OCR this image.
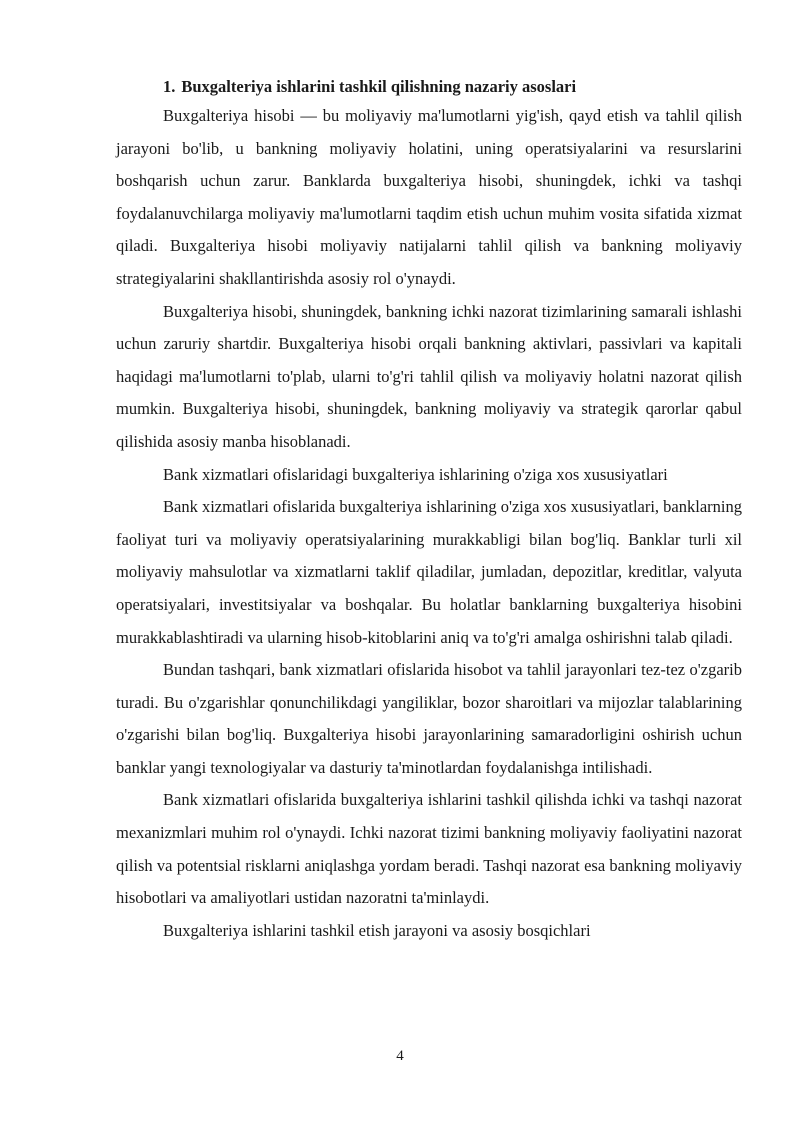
1. Buxgalteriya ishlarini tashkil qilishning nazariy asoslari

Buxgalteriya hisobi — bu moliyaviy ma'lumotlarni yig'ish, qayd etish va tahlil qilish jarayoni bo'lib, u bankning moliyaviy holatini, uning operatsiyalarini va resurslarini boshqarish uchun zarur. Banklarda buxgalteriya hisobi, shuningdek, ichki va tashqi foydalanuvchilarga moliyaviy ma'lumotlarni taqdim etish uchun muhim vosita sifatida xizmat qiladi. Buxgalteriya hisobi moliyaviy natijalarni tahlil qilish va bankning moliyaviy strategiyalarini shakllantirishda asosiy rol o'ynaydi.

Buxgalteriya hisobi, shuningdek, bankning ichki nazorat tizimlarining samarali ishlashi uchun zaruriy shartdir. Buxgalteriya hisobi orqali bankning aktivlari, passivlari va kapitali haqidagi ma'lumotlarni to'plab, ularni to'g'ri tahlil qilish va moliyaviy holatni nazorat qilish mumkin. Buxgalteriya hisobi, shuningdek, bankning moliyaviy va strategik qarorlar qabul qilishida asosiy manba hisoblanadi.

Bank xizmatlari ofislaridagi buxgalteriya ishlarining o'ziga xos xususiyatlari

Bank xizmatlari ofislarida buxgalteriya ishlarining o'ziga xos xususiyatlari, banklarning faoliyat turi va moliyaviy operatsiyalarining murakkabligi bilan bog'liq. Banklar turli xil moliyaviy mahsulotlar va xizmatlarni taklif qiladilar, jumladan, depozitlar, kreditlar, valyuta operatsiyalari, investitsiyalar va boshqalar. Bu holatlar banklarning buxgalteriya hisobini murakkablashtiradi va ularning hisob-kitoblarini aniq va to'g'ri amalga oshirishni talab qiladi.

Bundan tashqari, bank xizmatlari ofislarida hisobot va tahlil jarayonlari tez-tez o'zgarib turadi. Bu o'zgarishlar qonunchilikdagi yangiliklar, bozor sharoitlari va mijozlar talablarining o'zgarishi bilan bog'liq. Buxgalteriya hisobi jarayonlarining samaradorligini oshirish uchun banklar yangi texnologiyalar va dasturiy ta'minotlardan foydalanishga intilishadi.

Bank xizmatlari ofislarida buxgalteriya ishlarini tashkil qilishda ichki va tashqi nazorat mexanizmlari muhim rol o'ynaydi. Ichki nazorat tizimi bankning moliyaviy faoliyatini nazorat qilish va potentsial risklarni aniqlashga yordam beradi. Tashqi nazorat esa bankning moliyaviy hisobotlari va amaliyotlari ustidan nazoratni ta'minlaydi.

Buxgalteriya ishlarini tashkil etish jarayoni va asosiy bosqichlari

4
